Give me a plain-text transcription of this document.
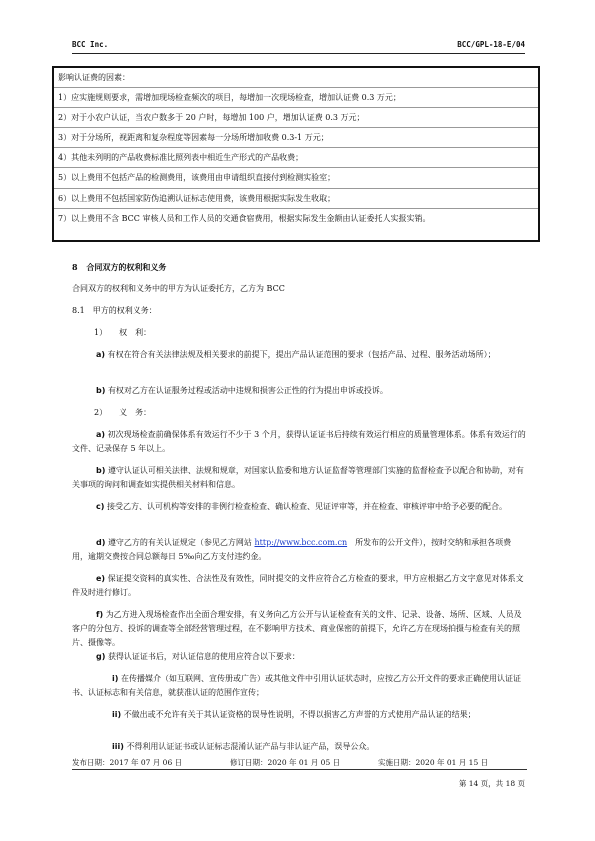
BCC Inc.	BCC/GPL-18-E/04
影响认证费的因素：
1）应实施规则要求，需增加现场检查频次的项目，每增加一次现场检查，增加认证费 0.3 万元；
2）对于小农户认证，当农户数多于 20 户时，每增加 100 户，增加认证费 0.3 万元；
3）对于分场所，视距离和复杂程度等因素每一分场所增加收费 0.3-1 万元；
4）其他未列明的产品收费标准比照列表中相近生产形式的产品收费；
5）以上费用不包括产品的检测费用，该费用由申请组织直接付到检测实验室；
6）以上费用不包括国家防伪追溯认证标志使用费，该费用根据实际发生收取；
7）以上费用不含 BCC 审核人员和工作人员的交通食宿费用，根据实际发生金额由认证委托人实报实销。
8 合同双方的权利和义务
合同双方的权利和义务中的甲方为认证委托方，乙方为 BCC
8.1　甲方的权利义务：
1）　　权　利：
a) 有权在符合有关法律法规及相关要求的前提下，提出产品认证范围的要求（包括产品、过程、服务活动场所）；
b) 有权对乙方在认证服务过程或活动中违规和损害公正性的行为提出申诉或投诉。
2）　　义　务：
a) 初次现场检查前确保体系有效运行不少于 3 个月，获得认证证书后持续有效运行相应的质量管理体系。体系有效运行的文件、记录保存 5 年以上。
b) 遵守认证认可相关法律、法规和规章，对国家认监委和地方认证监督等管理部门实施的监督检查予以配合和协助，对有关事项的询问和调查如实提供相关材料和信息。
c) 接受乙方、认可机构等安排的非例行检查检查、确认检查、见证评审等，并在检查、审核评审中给予必要的配合。
d) 遵守乙方的有关认证规定（参见乙方网站 http://www.bcc.com.cn　所发布的公开文件），按时交纳和承担各项费用，逾期交费按合同总额每日 5‰向乙方支付违约金。
e) 保证提交资料的真实性、合法性及有效性，同时提交的文件应符合乙方检查的要求，甲方应根据乙方文字意见对体系文件及时进行修订。
f) 为乙方进入现场检查作出全面合理安排，有义务向乙方公开与认证检查有关的文件、记录、设备、场所、区域、人员及客户的分包方、投诉的调查等全部经营管理过程，在不影响甲方技术、商业保密的前提下，允许乙方在现场拍摄与检查有关的照片、摄像等。
g) 获得认证证书后，对认证信息的使用应符合以下要求：
i) 在传播媒介（如互联网、宣传册或广告）或其他文件中引用认证状态时，应按乙方公开文件的要求正确使用认证证书、认证标志和有关信息，就获准认证的范围作宣传；
ii) 不做出或不允许有关于其认证资格的误导性说明，不得以损害乙方声誉的方式使用产品认证的结果；
iii) 不得利用认证证书或认证标志混淆认证产品与非认证产品，误导公众。
发布日期：2017 年 07 月 06 日	修订日期：2020 年 01 月 05 日	实施日期：2020 年 01 月 15 日
第 14 页，共 18 页
